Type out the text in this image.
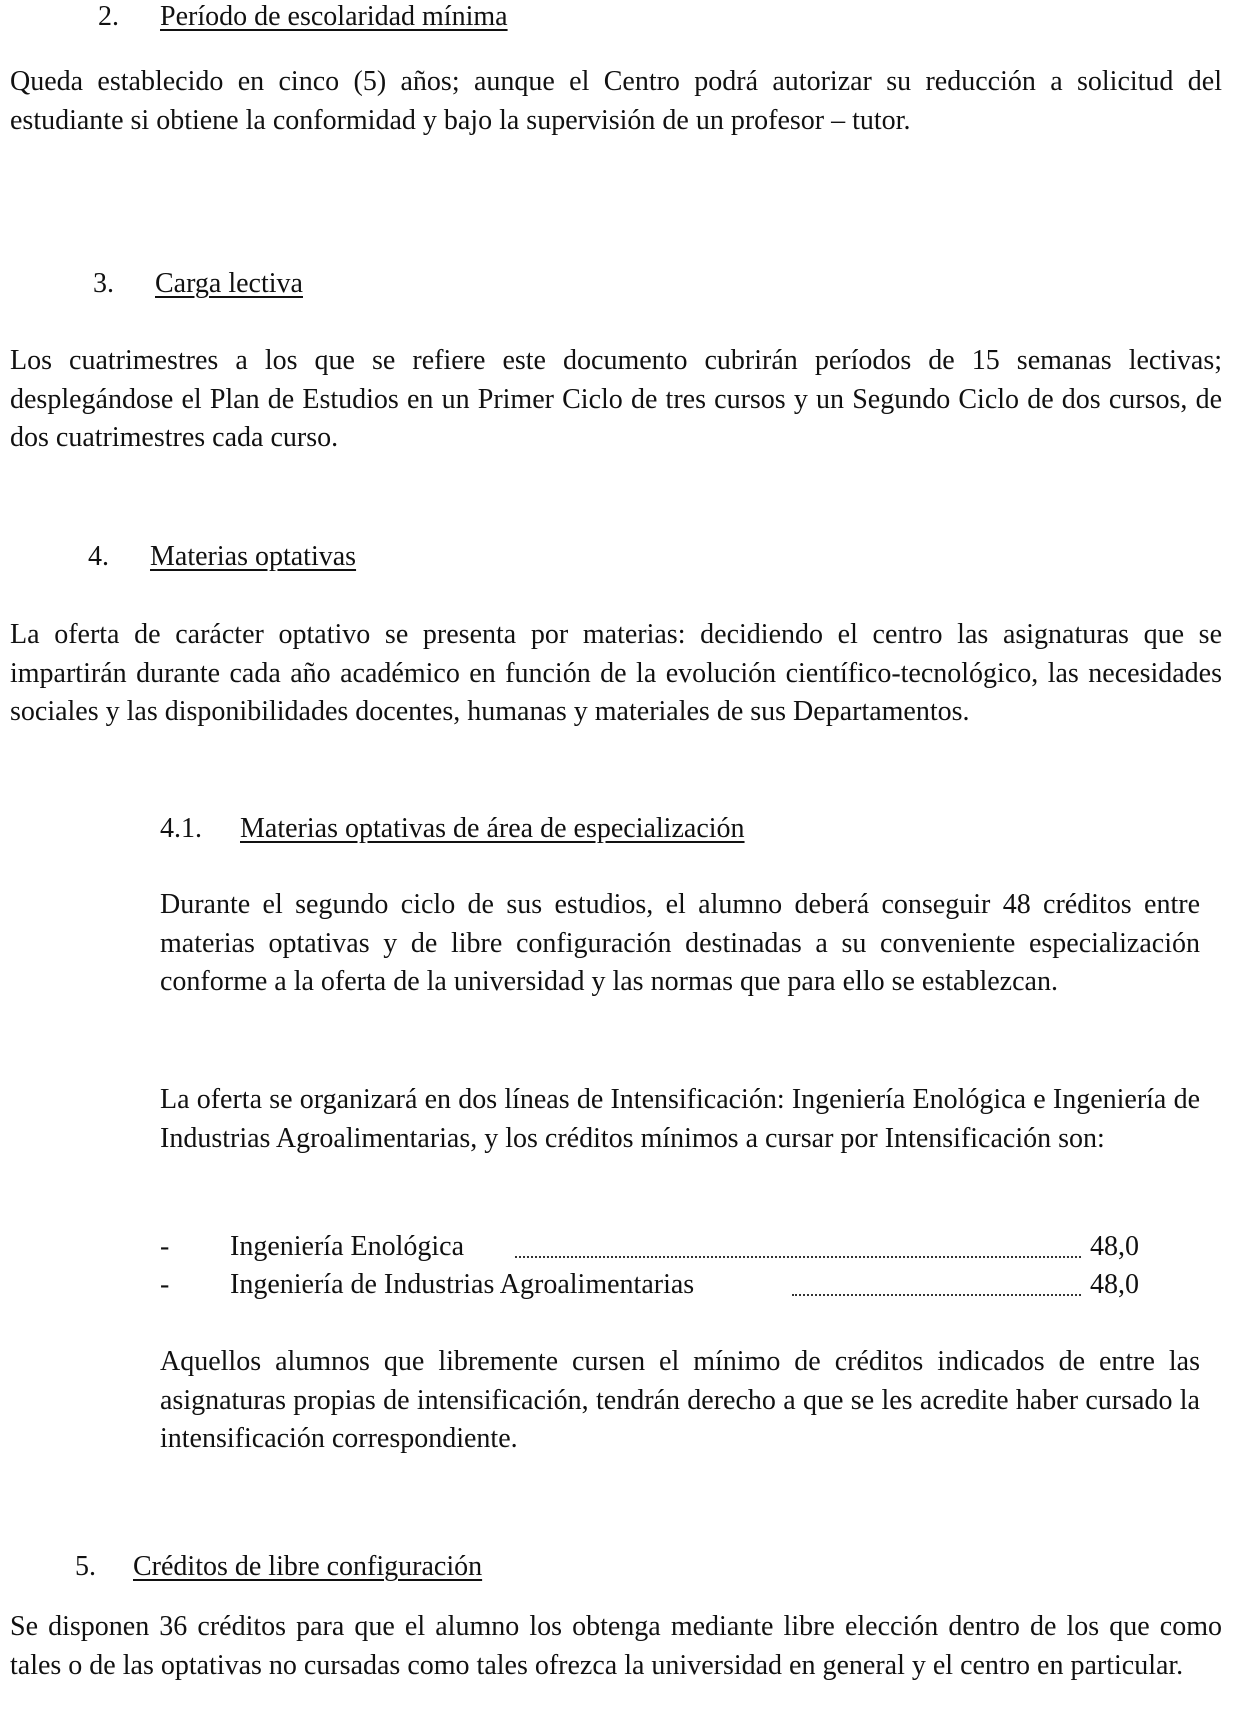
2. Período de escolaridad mínima

Queda establecido en cinco (5) años; aunque el Centro podrá autorizar su reducción a solicitud del estudiante si obtiene la conformidad y bajo la supervisión de un profesor – tutor.

3. Carga lectiva

Los cuatrimestres a los que se refiere este documento cubrirán períodos de 15 semanas lectivas; desplegándose el Plan de Estudios en un Primer Ciclo de tres cursos y un Segundo Ciclo de dos cursos, de dos cuatrimestres cada curso.

4. Materias optativas

La oferta de carácter optativo se presenta por materias: decidiendo el centro las asignaturas que se impartirán durante cada año académico en función de la evolución científico-tecnológico, las necesidades sociales y las disponibilidades docentes, humanas y materiales de sus Departamentos.

4.1. Materias optativas de área de especialización

Durante el segundo ciclo de sus estudios, el alumno deberá conseguir 48 créditos entre materias optativas y de libre configuración destinadas a su conveniente especialización conforme a la oferta de la universidad y las normas que para ello se establezcan.

La oferta se organizará en dos líneas de Intensificación: Ingeniería Enológica e Ingeniería de Industrias Agroalimentarias, y los créditos mínimos a cursar por Intensificación son:

- Ingeniería Enológica	48,0
- Ingeniería de Industrias Agroalimentarias	48,0

Aquellos alumnos que libremente cursen el mínimo de créditos indicados de entre las asignaturas propias de intensificación, tendrán derecho a que se les acredite haber cursado la intensificación correspondiente.

5. Créditos de libre configuración

Se disponen 36 créditos para que el alumno los obtenga mediante libre elección dentro de los que como tales o de las optativas no cursadas como tales ofrezca la universidad en general y el centro en particular.
